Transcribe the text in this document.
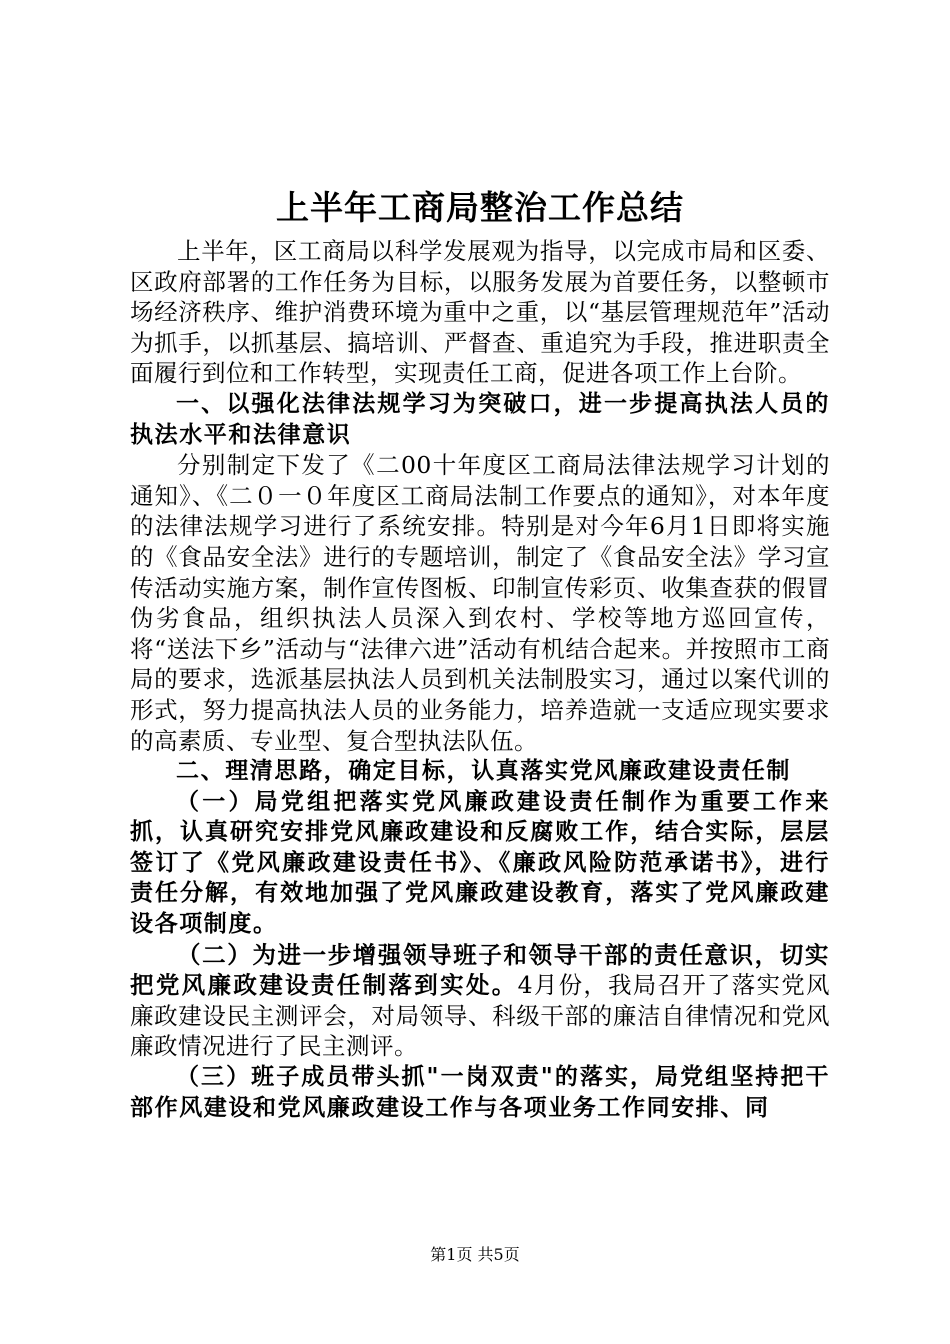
上半年工商局整治工作总结

上半年，区工商局以科学发展观为指导，以完成市局和区委、区政府部署的工作任务为目标，以服务发展为首要任务，以整顿市场经济秩序、维护消费环境为重中之重，以“基层管理规范年”活动为抓手，以抓基层、搞培训、严督查、重追究为手段，推进职责全面履行到位和工作转型，实现责任工商，促进各项工作上台阶。

一、以强化法律法规学习为突破口，进一步提高执法人员的执法水平和法律意识

分别制定下发了《二00十年度区工商局法律法规学习计划的通知》、《二０一０年度区工商局法制工作要点的通知》，对本年度的法律法规学习进行了系统安排。特别是对今年6月1日即将实施的《食品安全法》进行的专题培训，制定了《食品安全法》学习宣传活动实施方案，制作宣传图板、印制宣传彩页、收集查获的假冒伪劣食品，组织执法人员深入到农村、学校等地方巡回宣传，将“送法下乡”活动与“法律六进”活动有机结合起来。并按照市工商局的要求，选派基层执法人员到机关法制股实习，通过以案代训的形式，努力提高执法人员的业务能力，培养造就一支适应现实要求的高素质、专业型、复合型执法队伍。

二、理清思路，确定目标，认真落实党风廉政建设责任制

（一）局党组把落实党风廉政建设责任制作为重要工作来抓，认真研究安排党风廉政建设和反腐败工作，结合实际，层层签订了《党风廉政建设责任书》、《廉政风险防范承诺书》，进行责任分解，有效地加强了党风廉政建设教育，落实了党风廉政建设各项制度。

（二）为进一步增强领导班子和领导干部的责任意识，切实把党风廉政建设责任制落到实处。4月份，我局召开了落实党风廉政建设民主测评会，对局领导、科级干部的廉洁自律情况和党风廉政情况进行了民主测评。

（三）班子成员带头抓"一岗双责"的落实，局党组坚持把干部作风建设和党风廉政建设工作与各项业务工作同安排、同

第1页 共5页
